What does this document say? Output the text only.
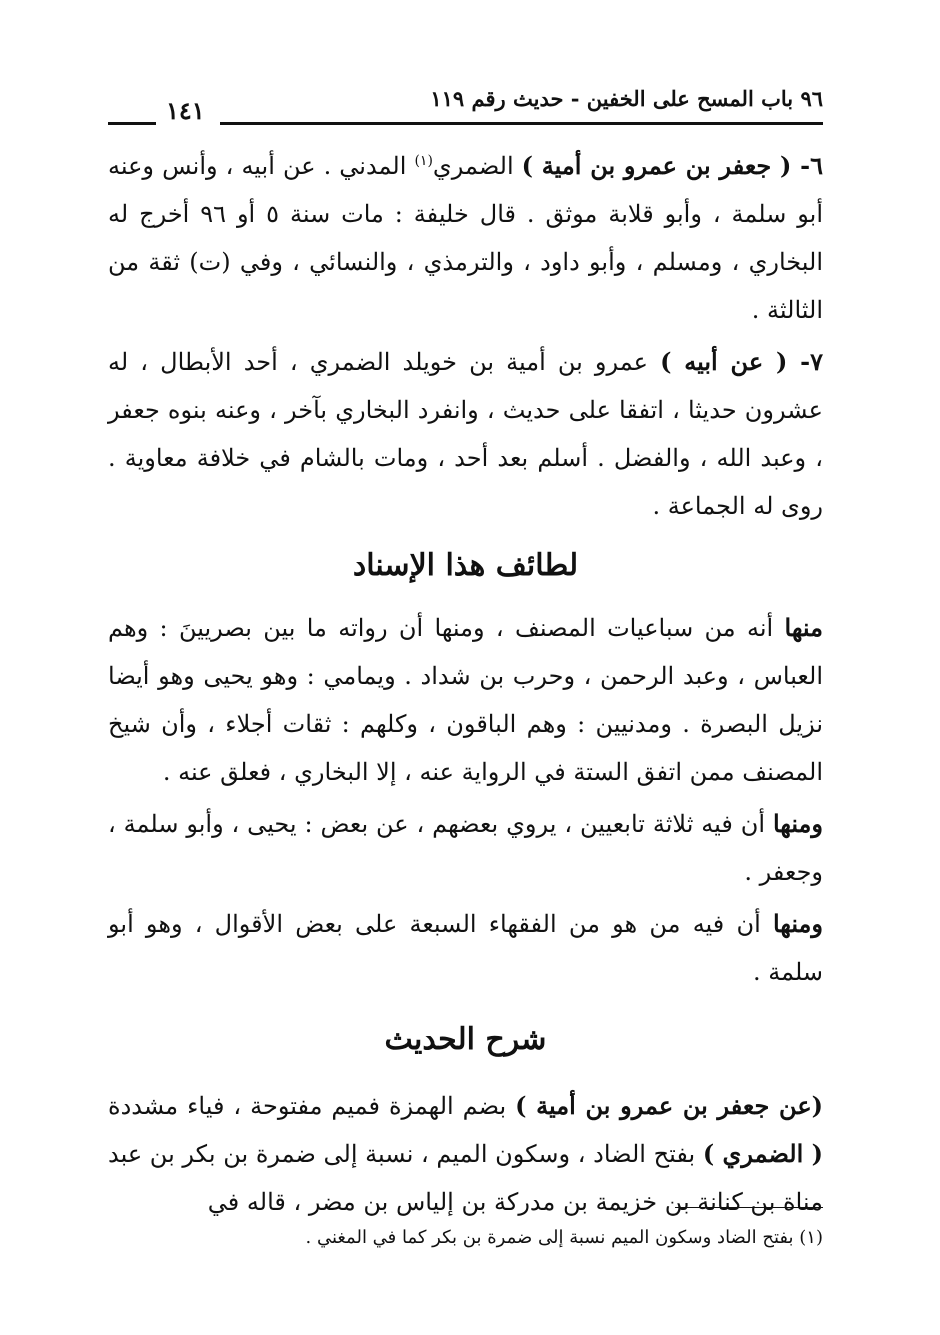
٩٦ باب المسح على الخفين - حديث رقم ١١٩
١٤١

٦- ( جعفر بن عمرو بن أمية ) الضمري$^{(١)}$ المدني . عن أبيه ، وأنس وعنه أبو سلمة ، وأبو قلابة موثق . قال خليفة : مات سنة ٥ أو ٩٦ أخرج له البخاري ، ومسلم ، وأبو داود ، والترمذي ، والنسائي ، وفي (ت) ثقة من الثالثة .

٧- ( عن أبيه ) عمرو بن أمية بن خويلد الضمري ، أحد الأبطال ، له عشرون حديثا ، اتفقا على حديث ، وانفرد البخاري بآخر ، وعنه بنوه جعفر ، وعبد الله ، والفضل . أسلم بعد أحد ، ومات بالشام في خلافة معاوية . روى له الجماعة .

لطائف هذا الإسناد

منها أنه من سباعيات المصنف ، ومنها أن رواته ما بين بصريينَ : وهم العباس ، وعبد الرحمن ، وحرب بن شداد . ويمامي : وهو يحيى وهو أيضا نزيل البصرة . ومدنيين : وهم الباقون ، وكلهم : ثقات أجلاء ، وأن شيخ المصنف ممن اتفق الستة في الرواية عنه ، إلا البخاري ، فعلق عنه .

ومنها أن فيه ثلاثة تابعيين ، يروي بعضهم ، عن بعض : يحيى ، وأبو سلمة ، وجعفر .

ومنها أن فيه من هو من الفقهاء السبعة على بعض الأقوال ، وهو أبو سلمة .

شرح الحديث

(عن جعفر بن عمرو بن أمية ) بضم الهمزة فميم مفتوحة ، فياء مشددة ( الضمري ) بفتح الضاد ، وسكون الميم ، نسبة إلى ضمرة بن بكر بن عبد مناة بن كنانة بن خزيمة بن مدركة بن إلياس بن مضر ، قاله في

(١) بفتح الضاد وسكون الميم نسبة إلى ضمرة بن بكر كما في المغني .
